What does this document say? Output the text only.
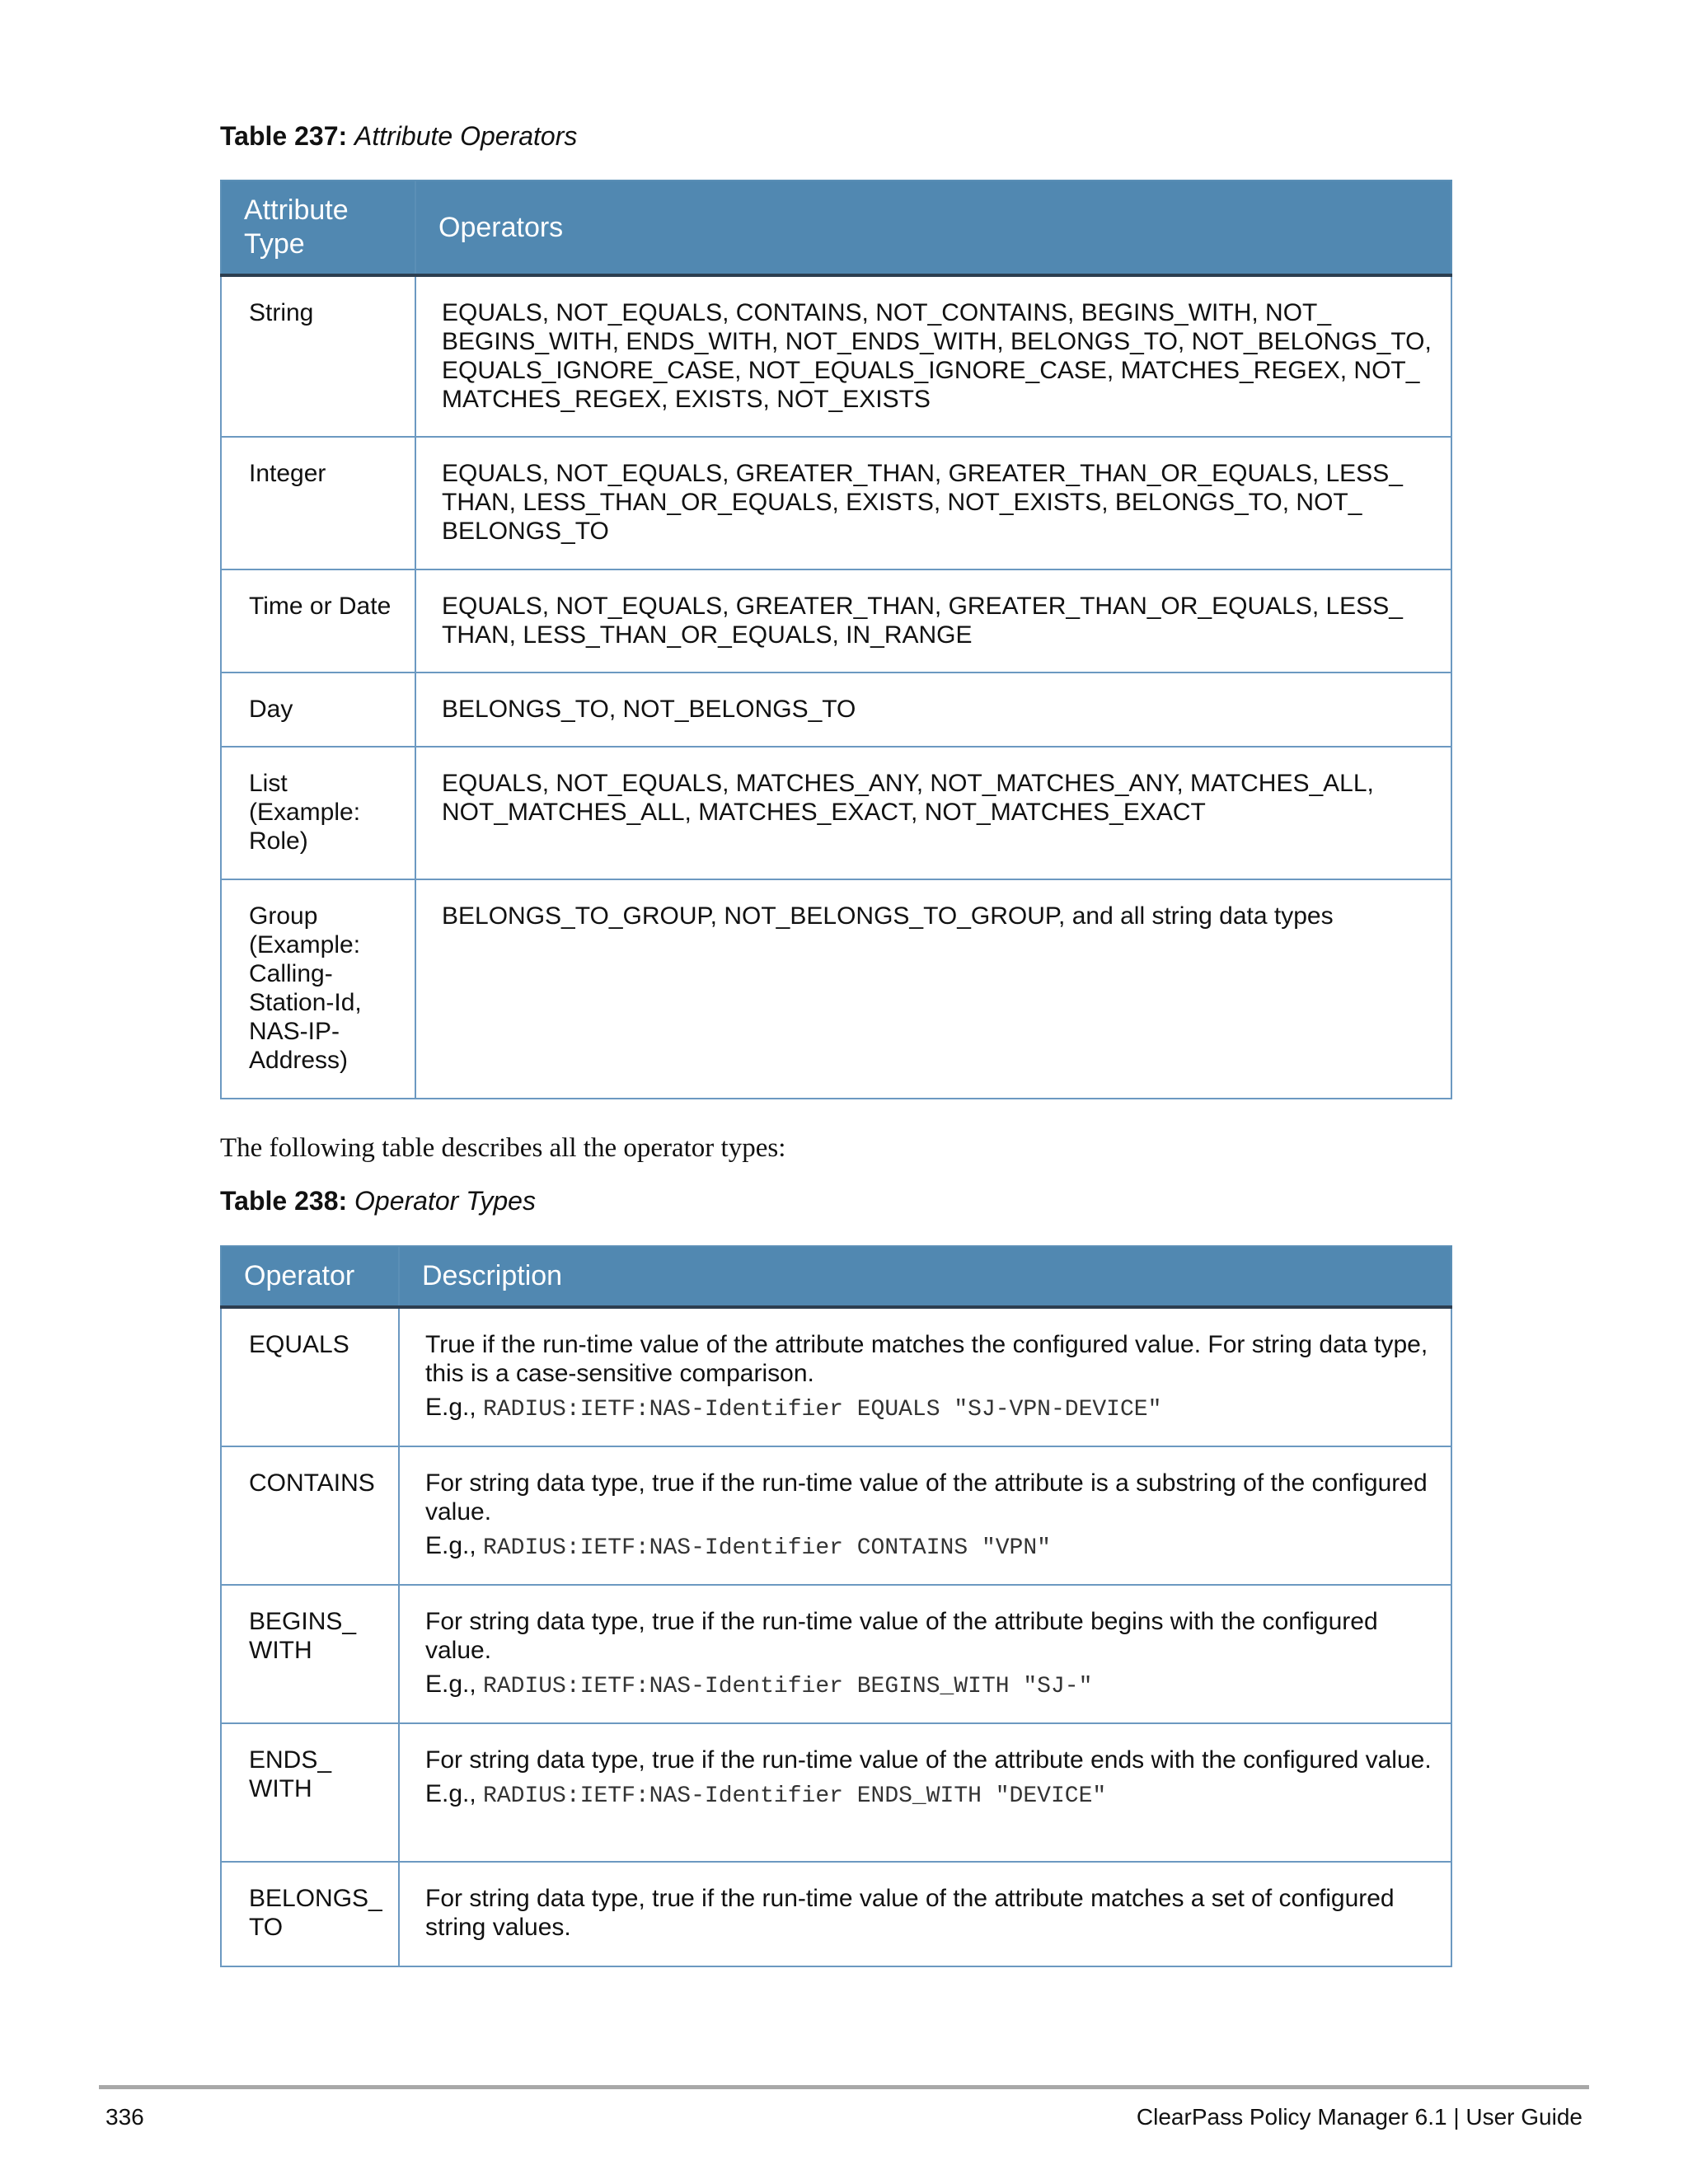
Table 237: Attribute Operators

Attribute Type	Operators
String	EQUALS, NOT_EQUALS, CONTAINS, NOT_CONTAINS, BEGINS_WITH, NOT_ BEGINS_WITH, ENDS_WITH, NOT_ENDS_WITH, BELONGS_TO, NOT_BELONGS_TO, EQUALS_IGNORE_CASE, NOT_EQUALS_IGNORE_CASE, MATCHES_REGEX, NOT_ MATCHES_REGEX, EXISTS, NOT_EXISTS
Integer	EQUALS, NOT_EQUALS, GREATER_THAN, GREATER_THAN_OR_EQUALS, LESS_ THAN, LESS_THAN_OR_EQUALS, EXISTS, NOT_EXISTS, BELONGS_TO, NOT_ BELONGS_TO
Time or Date	EQUALS, NOT_EQUALS, GREATER_THAN, GREATER_THAN_OR_EQUALS, LESS_ THAN, LESS_THAN_OR_EQUALS, IN_RANGE
Day	BELONGS_TO, NOT_BELONGS_TO
List (Example: Role)	EQUALS, NOT_EQUALS, MATCHES_ANY, NOT_MATCHES_ANY, MATCHES_ALL, NOT_MATCHES_ALL, MATCHES_EXACT, NOT_MATCHES_EXACT
Group (Example: Calling-Station-Id, NAS-IP-Address)	BELONGS_TO_GROUP, NOT_BELONGS_TO_GROUP, and all string data types

The following table describes all the operator types:

Table 238: Operator Types

Operator	Description
EQUALS	True if the run-time value of the attribute matches the configured value. For string data type, this is a case-sensitive comparison.
E.g., RADIUS:IETF:NAS-Identifier EQUALS "SJ-VPN-DEVICE"

CONTAINS	For string data type, true if the run-time value of the attribute is a substring of the configured value.
E.g., RADIUS:IETF:NAS-Identifier CONTAINS "VPN"

BEGINS_ WITH	For string data type, true if the run-time value of the attribute begins with the configured value.
E.g., RADIUS:IETF:NAS-Identifier BEGINS_WITH "SJ-"

ENDS_ WITH	For string data type, true if the run-time value of the attribute ends with the configured value.
E.g., RADIUS:IETF:NAS-Identifier ENDS_WITH "DEVICE"

BELONGS_ TO	For string data type, true if the run-time value of the attribute matches a set of configured string values.
336	ClearPass Policy Manager 6.1 | User Guide
